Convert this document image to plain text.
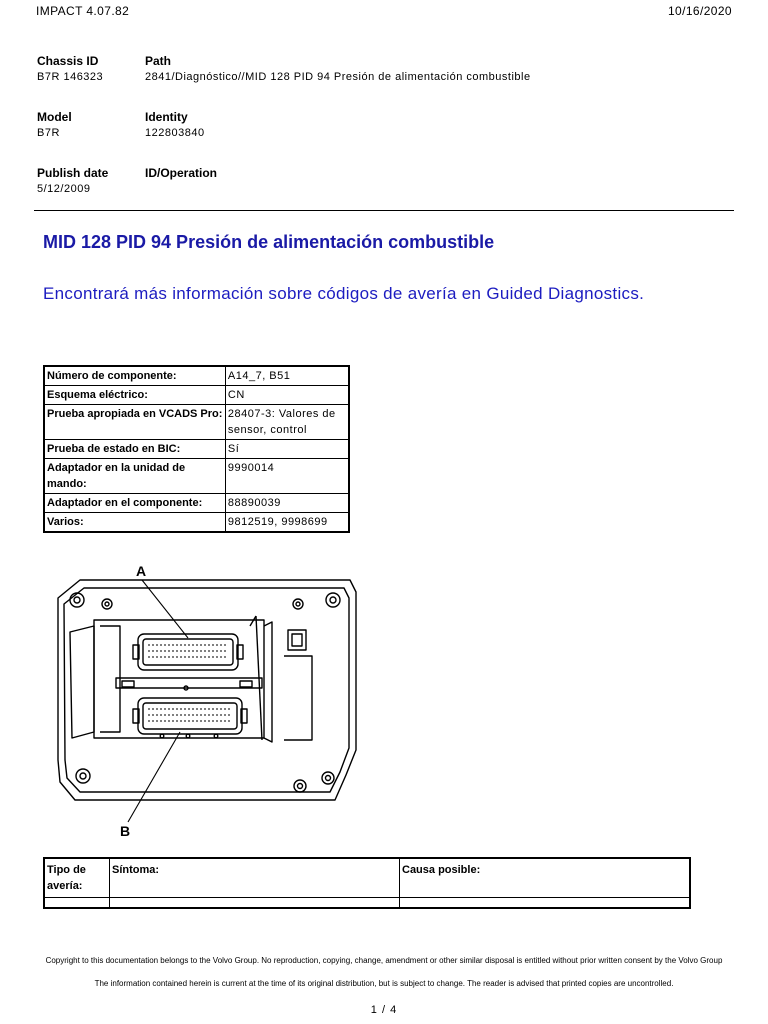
IMPACT 4.07.82	10/16/2020
Chassis ID
B7R 146323
Path
2841/Diagnóstico//MID 128 PID 94 Presión de alimentación combustible
Model
B7R
Identity
122803840
Publish date
5/12/2009
ID/Operation
MID 128 PID 94 Presión de alimentación combustible
Encontrará más información sobre códigos de avería en Guided Diagnostics.
Número de componente:	A14_7, B51
Esquema eléctrico:	CN
Prueba apropiada en VCADS Pro:	28407-3: Valores de sensor, control
Prueba de estado en BIC:	Sí
Adaptador en la unidad de mando:	9990014
Adaptador en el componente:	88890039
Varios:	9812519, 9998699
A
B
Tipo de avería:	Síntoma:	Causa posible:

Copyright to this documentation belongs to the Volvo Group. No reproduction, copying, change, amendment or other similar disposal is entitled without prior written consent by the Volvo Group
The information contained herein is current at the time of its original distribution, but is subject to change. The reader is advised that printed copies are uncontrolled.
1 / 4
